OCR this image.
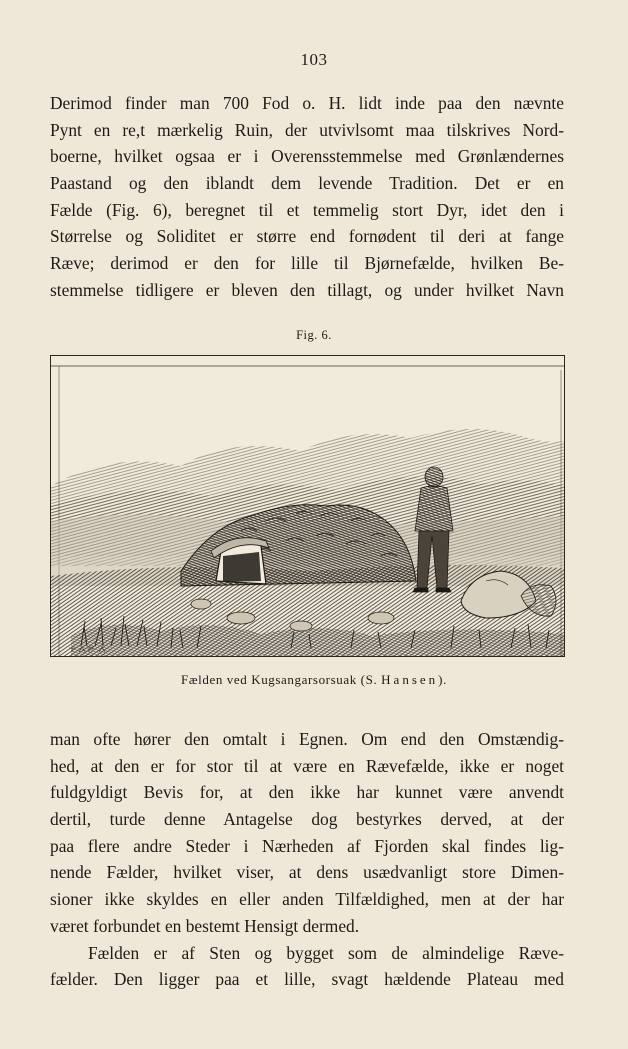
103
Derimod finder man 700 Fod o. H. lidt inde paa den nævnte
Pynt en re,t mærkelig Ruin, der utvivlsomt maa tilskrives Nord-
boerne, hvilket ogsaa er i Overensstemmelse med Grønlændernes
Paastand og den iblandt dem levende Tradition. Det er en
Fælde (Fig. 6), beregnet til et temmelig stort Dyr, idet den i
Størrelse og Soliditet er større end fornødent til deri at fange
Ræve; derimod er den for lille til Bjørnefælde, hvilken Be-
stemmelse tidligere er bleven den tillagt, og under hvilket Navn
Fig. 6.
Fælden ved Kugsangarsorsuak (S. Hansen).
man ofte hører den omtalt i Egnen. Om end den Omstændig-
hed, at den er for stor til at være en Rævefælde, ikke er noget
fuldgyldigt Bevis for, at den ikke har kunnet være anvendt
dertil, turde denne Antagelse dog bestyrkes derved, at der
paa flere andre Steder i Nærheden af Fjorden skal findes lig-
nende Fælder, hvilket viser, at dens usædvanligt store Dimen-
sioner ikke skyldes en eller anden Tilfældighed, men at der har
været forbundet en bestemt Hensigt dermed.
Fælden er af Sten og bygget som de almindelige Ræve-
fælder. Den ligger paa et lille, svagt hældende Plateau med
